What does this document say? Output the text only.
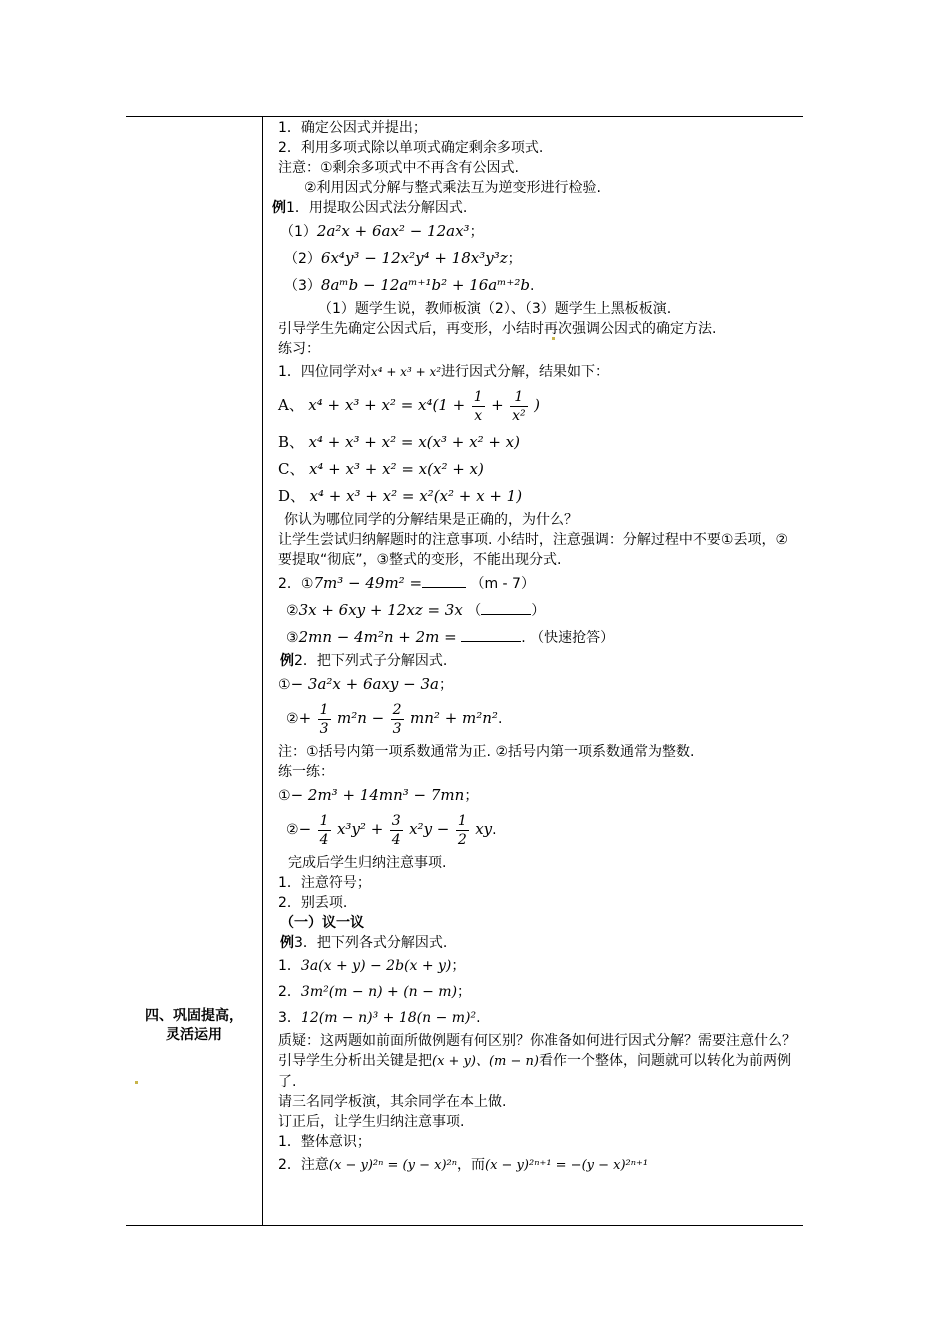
四、巩固提高，
灵活运用
1．确定公因式并提出；
2．利用多项式除以单项式确定剩余多项式.
注意：①剩余多项式中不再含有公因式.
②利用因式分解与整式乘法互为逆变形进行检验.
例1．用提取公因式法分解因式.
（1）2a²x + 6ax² − 12ax³；
（2）6x⁴y³ − 12x²y⁴ + 18x³y³z；
（3）8aᵐb − 12aᵐ⁺¹b² + 16aᵐ⁺²b.
（1）题学生说，教师板演（2）、（3）题学生上黑板板演.
引导学生先确定公因式后，再变形，小结时再次强调公因式的确定方法.
练习：
1．四位同学对x⁴ + x³ + x²进行因式分解，结果如下：
A、 $x^4 + x^3 + x^2 = x^4(1 + \frac{1}{x} + \frac{1}{\text{x²}}$ )
B、 x⁴ + x³ + x² = x(x³ + x² + x)
C、 x⁴ + x³ + x² = x(x² + x)
D、 x⁴ + x³ + x² = x²(x² + x + 1)
你认为哪位同学的分解结果是正确的，为什么？
让学生尝试归纳解题时的注意事项. 小结时，注意强调：分解过程中不要①丢项，②要提取“彻底”，③整式的变形，不能出现分式.
2．①7m³ − 49m² =	（m - 7）
②3x + 6xy + 12xz = 3x （	）
③2mn − 4m²n + 2m =	. （快速抢答）
例2．把下列式子分解因式.
①− 3a²x + 6axy − 3a；
②+ $\frac{1}{3} m^2n - \frac{2}{3} mn^2 + m^2n^2$.
注：①括号内第一项系数通常为正. ②括号内第一项系数通常为整数.
练一练：
①− 2m³ + 14mn³ − 7mn；
②− $\frac{1}{4} x^3y^2 + \frac{3}{4} x^2y - \frac{1}{2}$ xy.
完成后学生归纳注意事项.
1．注意符号；
2．别丢项.
（一）议一议
例3．把下列各式分解因式.
1．3a(x + y) − 2b(x + y)；
2．3m²(m − n) + (n − m)；
3．12(m − n)³ + 18(n − m)².
质疑：这两题如前面所做例题有何区别？你准备如何进行因式分解？需要注意什么？
引导学生分析出关键是把(x + y)、(m − n)看作一个整体，问题就可以转化为前两例了.
请三名同学板演，其余同学在本上做.
订正后，让学生归纳注意事项.
1．整体意识；
2．注意(x − y)²ⁿ = (y − x)²ⁿ，而(x − y)²ⁿ⁺¹ = −(y − x)²ⁿ⁺¹
